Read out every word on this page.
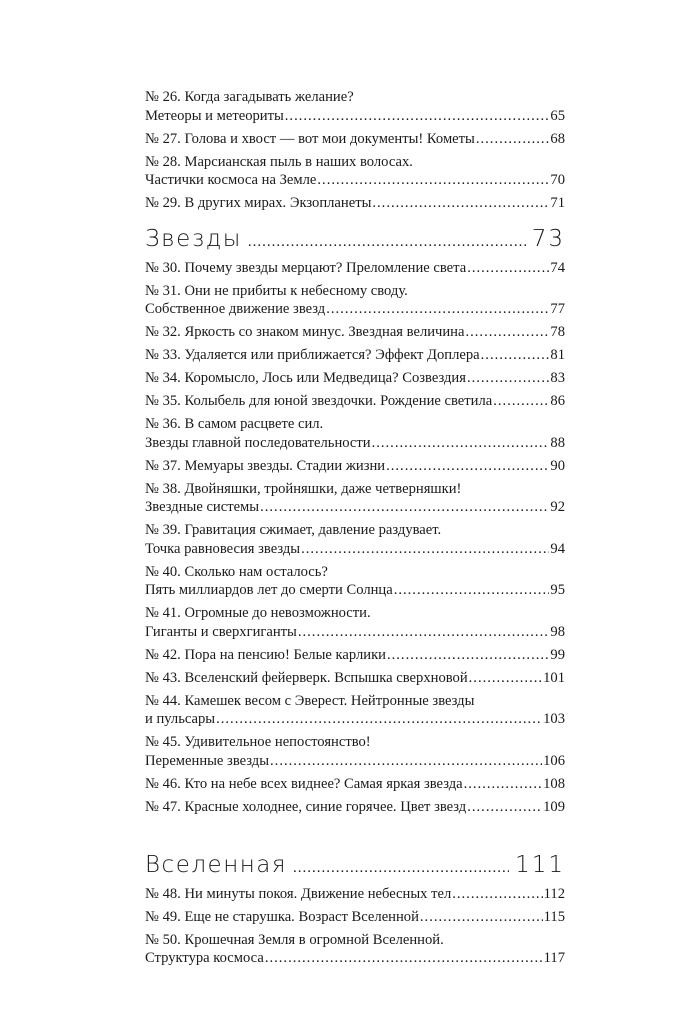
№ 26. Когда загадывать желание?
Метеоры и метеориты .....	65
№ 27. Голова и хвост — вот мои документы! Кометы .....	68
№ 28. Марсианская пыль в наших волосах.
Частички космоса на Земле .....	70
№ 29. В других мирах. Экзопланеты .....	71
Звезды .....	73
№ 30. Почему звезды мерцают? Преломление света .....	74
№ 31. Они не прибиты к небесному своду.
Собственное движение звезд .....	77
№ 32. Яркость со знаком минус. Звездная величина .....	78
№ 33. Удаляется или приближается? Эффект Доплера .....	81
№ 34. Коромысло, Лось или Медведица? Созвездия .....	83
№ 35. Колыбель для юной звездочки. Рождение светила .....	86
№ 36. В самом расцвете сил.
Звезды главной последовательности .....	88
№ 37. Мемуары звезды. Стадии жизни .....	90
№ 38. Двойняшки, тройняшки, даже четверняшки!
Звездные системы .....	92
№ 39. Гравитация сжимает, давление раздувает.
Точка равновесия звезды .....	94
№ 40. Сколько нам осталось?
Пять миллиардов лет до смерти Солнца .....	95
№ 41. Огромные до невозможности.
Гиганты и сверхгиганты .....	98
№ 42. Пора на пенсию! Белые карлики .....	99
№ 43. Вселенский фейерверк. Вспышка сверхновой .....	101
№ 44. Камешек весом с Эверест. Нейтронные звезды
и пульсары .....	103
№ 45. Удивительное непостоянство!
Переменные звезды .....	106
№ 46. Кто на небе всех виднее? Самая яркая звезда .....	108
№ 47. Красные холоднее, синие горячее. Цвет звезд .....	109
Вселенная .....	111
№ 48. Ни минуты покоя. Движение небесных тел .....	112
№ 49. Еще не старушка. Возраст Вселенной .....	115
№ 50. Крошечная Земля в огромной Вселенной.
Структура космоса .....	117
